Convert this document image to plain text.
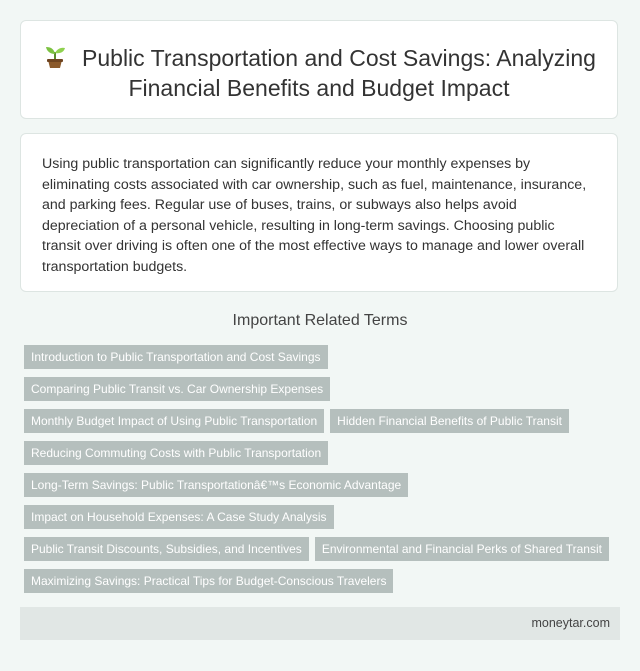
Public Transportation and Cost Savings: Analyzing Financial Benefits and Budget Impact
Using public transportation can significantly reduce your monthly expenses by eliminating costs associated with car ownership, such as fuel, maintenance, insurance, and parking fees. Regular use of buses, trains, or subways also helps avoid depreciation of a personal vehicle, resulting in long-term savings. Choosing public transit over driving is often one of the most effective ways to manage and lower overall transportation budgets.
Important Related Terms
Introduction to Public Transportation and Cost Savings
Comparing Public Transit vs. Car Ownership Expenses
Monthly Budget Impact of Using Public Transportation	Hidden Financial Benefits of Public Transit
Reducing Commuting Costs with Public Transportation
Long-Term Savings: Public Transportationâ€™s Economic Advantage
Impact on Household Expenses: A Case Study Analysis
Public Transit Discounts, Subsidies, and Incentives	Environmental and Financial Perks of Shared Transit
Maximizing Savings: Practical Tips for Budget-Conscious Travelers
moneytar.com
